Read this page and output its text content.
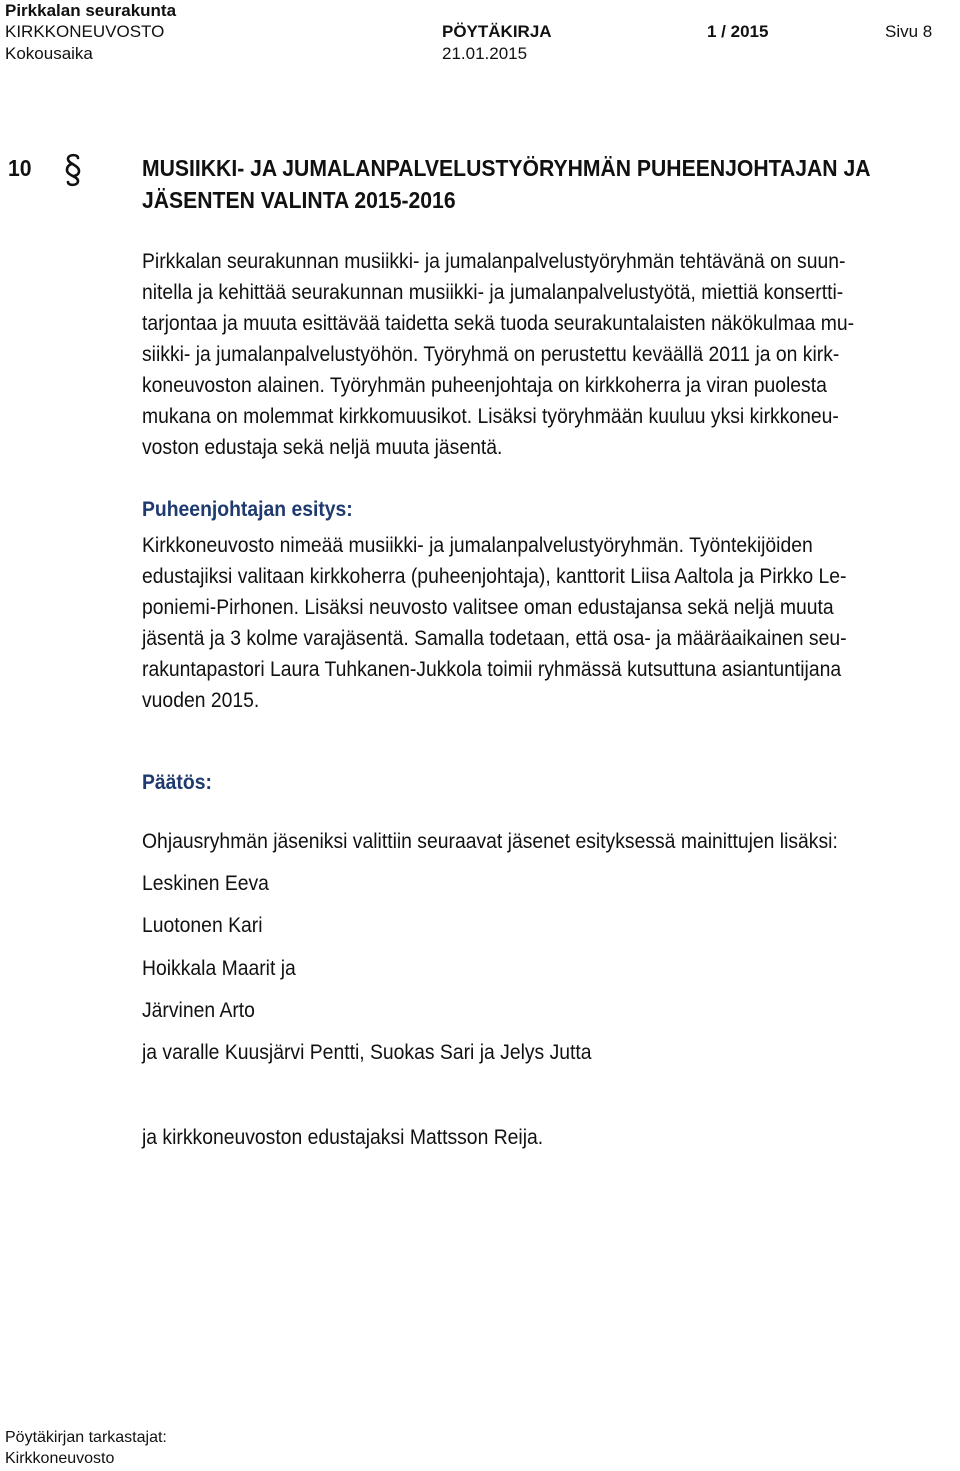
Pirkkalan seurakunta
KIRKKONEUVOSTO	PÖYTÄKIRJA	1 / 2015	Sivu 8
Kokousaika	21.01.2015
10	MUSIIKKI- JA JUMALANPALVELUSTYÖRYHMÄN PUHEENJOHTAJAN JA
JÄSENTEN VALINTA 2015-2016
Pirkkalan seurakunnan musiikki- ja jumalanpalvelustyöryhmän tehtävänä on suun-
nitella ja kehittää seurakunnan musiikki- ja jumalanpalvelustyötä, miettiä konsertti-
tarjontaa ja muuta esittävää taidetta sekä tuoda seurakuntalaisten näkökulmaa mu-
siikki- ja jumalanpalvelustyöhön. Työryhmä on perustettu keväällä 2011 ja on kirk-
koneuvoston alainen. Työryhmän puheenjohtaja on kirkkoherra ja viran puolesta
mukana on molemmat kirkkomuusikot. Lisäksi työryhmään kuuluu yksi kirkkoneu-
voston edustaja sekä neljä muuta jäsentä.
Puheenjohtajan esitys:
Kirkkoneuvosto nimeää musiikki- ja jumalanpalvelustyöryhmän. Työntekijöiden
edustajiksi valitaan kirkkoherra (puheenjohtaja), kanttorit Liisa Aaltola ja Pirkko Le-
poniemi-Pirhonen. Lisäksi neuvosto valitsee oman edustajansa sekä neljä muuta
jäsentä ja 3 kolme varajäsentä. Samalla todetaan, että osa- ja määräaikainen seu-
rakuntapastori Laura Tuhkanen-Jukkola toimii ryhmässä kutsuttuna asiantuntijana
vuoden 2015.
Päätös:
Ohjausryhmän jäseniksi valittiin seuraavat jäsenet esityksessä mainittujen lisäksi:
Leskinen Eeva
Luotonen Kari
Hoikkala Maarit ja
Järvinen Arto
ja varalle Kuusjärvi Pentti, Suokas Sari ja Jelys Jutta
ja kirkkoneuvoston edustajaksi Mattsson Reija.
Pöytäkirjan tarkastajat:
Kirkkoneuvosto
